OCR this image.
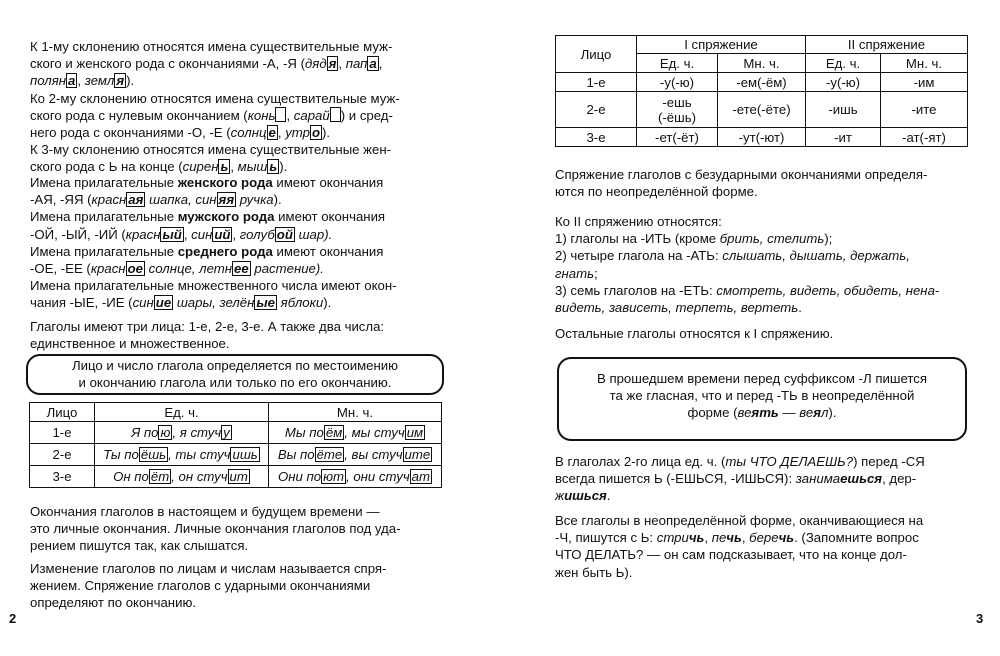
К 1-му склонению относятся имена существительные муж-

ского и женского рода с окончаниями -А, -Я (дяд я , пап а ,

полян а , земл я ).

Ко 2-му склонению относятся имена существительные муж-

ского рода с нулевым окончанием (конь , сарай ) и сред-

него рода с окончаниями -О, -Е (солнц е , утр о ).

К 3-му склонению относятся имена существительные жен-

ского рода с Ь на конце (сирен ь , мыш ь ).

Имена прилагательные женского рода имеют окончания

-АЯ, -ЯЯ (красн ая шапка, син яя ручка).

Имена прилагательные мужского рода имеют окончания

-ОЙ, -ЫЙ, -ИЙ (красн ый , син ий , голуб ой шар).

Имена прилагательные среднего рода имеют окончания

-ОЕ, -ЕЕ (красн ое солнце, летн ее растение).

Имена прилагательные множественного числа имеют окон-

чания -ЫЕ, -ИЕ (син ие шары, зелён ые яблоки).

Глаголы имеют три лица: 1-е, 2-е, 3-е. А также два числа:

единственное и множественное.

Лицо и число глагола определяется по местоимению
и окончанию глагола или только по его окончанию.
Лицо	Ед. ч.	Мн. ч.
1-е	Я по ю , я стуч у	Мы по ём , мы стуч им
2-е	Ты по ёшь , ты стуч ишь	Вы по ёте , вы стуч ите
3-е	Он по ёт , он стуч ит	Они по ют , они стуч ат

Окончания глаголов в настоящем и будущем времени —

это личные окончания. Личные окончания глаголов под уда-

рением пишутся так, как слышатся.

Изменение глаголов по лицам и числам называется спря-

жением. Спряжение глаголов с ударными окончаниями

определяют по окончанию.

2
Лицо	I спряжение		II спряжение	
	Ед. ч.	Мн. ч.	Ед. ч.	Мн. ч.
1-е	-у(-ю)	-ем(-ём)	-у(-ю)	-им
2-е	-ешь
(-ёшь)	-ете(-ёте)	-ишь	-ите
3-е	-ет(-ёт)	-ут(-ют)	-ит	-ат(-ят)

Спряжение глаголов с безударными окончаниями определя-

ются по неопределённой форме.

Ко II спряжению относятся:

1) глаголы на -ИТЬ (кроме брить, стелить);

2) четыре глагола на -АТЬ: слышать, дышать, держать,

гнать;

3) семь глаголов на -ЕТЬ: смотреть, видеть, обидеть, нена-

видеть, зависеть, терпеть, вертеть.

Остальные глаголы относятся к I спряжению.

В прошедшем времени перед суффиксом -Л пишется
та же гласная, что и перед -ТЬ в неопределённой
форме (веять — веял).

В глаголах 2-го лица ед. ч. (ты ЧТО ДЕЛАЕШЬ?) перед -СЯ

всегда пишется Ь (-ЕШЬСЯ, -ИШЬСЯ): занимаешься, дер-

жишься.

Все глаголы в неопределённой форме, оканчивающиеся на

-Ч, пишутся с Ь: стричь, печь, беречь. (Запомните вопрос

ЧТО ДЕЛАТЬ? — он сам подсказывает, что на конце дол-

жен быть Ь).

3
